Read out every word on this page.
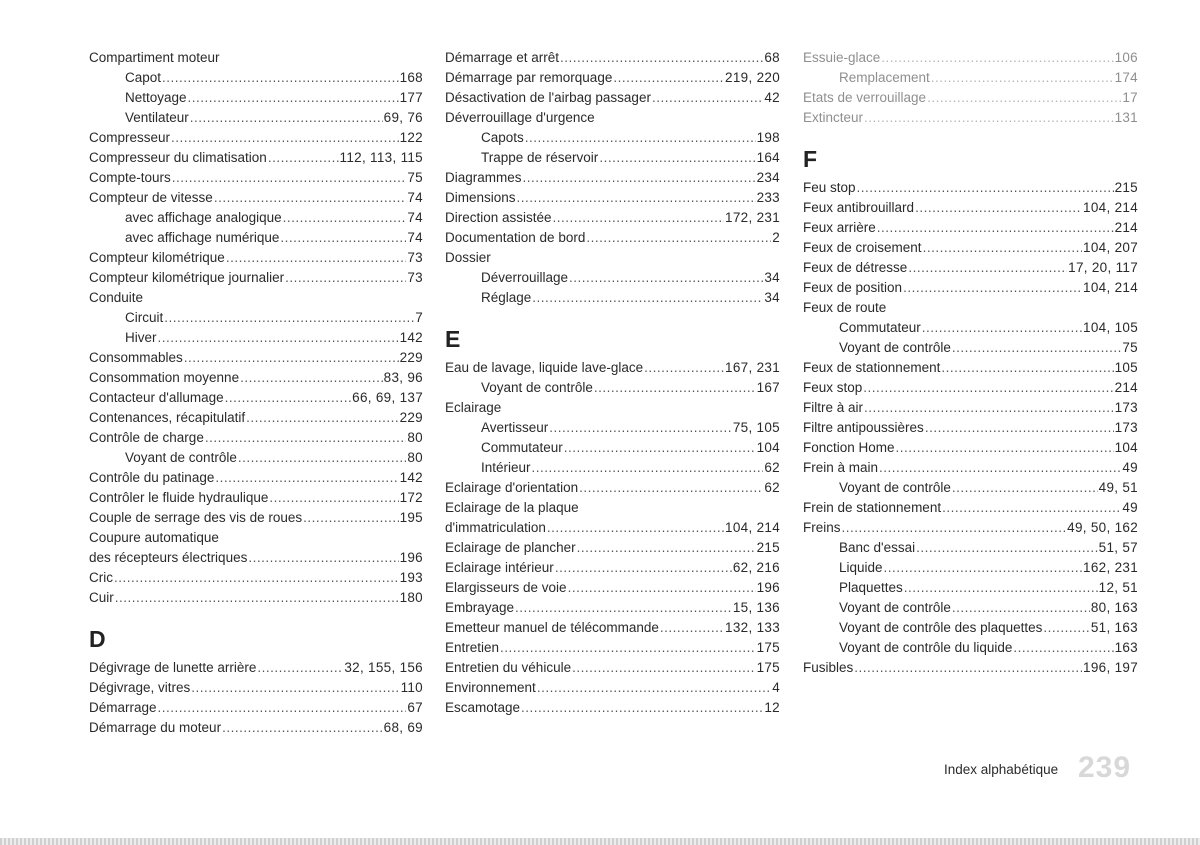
Compartiment moteur
Capot .....	168
Nettoyage .....	177
Ventilateur .....	69, 76
Compresseur .....	122
Compresseur du climatisation .....	112, 113, 115
Compte-tours .....	75
Compteur de vitesse .....	74
avec affichage analogique .....	74
avec affichage numérique .....	74
Compteur kilométrique .....	73
Compteur kilométrique journalier .....	73
Conduite
Circuit .....	7
Hiver .....	142
Consommables .....	229
Consommation moyenne .....	83, 96
Contacteur d'allumage .....	66, 69, 137
Contenances, récapitulatif .....	229
Contrôle de charge .....	80
Voyant de contrôle .....	80
Contrôle du patinage .....	142
Contrôler le fluide hydraulique .....	172
Couple de serrage des vis de roues .....	195
Coupure automatique
des récepteurs électriques .....	196
Cric .....	193
Cuir .....	180
D
Dégivrage de lunette arrière .....	32, 155, 156
Dégivrage, vitres .....	110
Démarrage .....	67
Démarrage du moteur .....	68, 69
Démarrage et arrêt .....	68
Démarrage par remorquage .....	219, 220
Désactivation de l'airbag passager .....	42
Déverrouillage d'urgence
Capots .....	198
Trappe de réservoir .....	164
Diagrammes .....	234
Dimensions .....	233
Direction assistée .....	172, 231
Documentation de bord .....	2
Dossier
Déverrouillage .....	34
Réglage .....	34
E
Eau de lavage, liquide lave-glace .....	167, 231
Voyant de contrôle .....	167
Eclairage
Avertisseur .....	75, 105
Commutateur .....	104
Intérieur .....	62
Eclairage d'orientation .....	62
Eclairage de la plaque
d'immatriculation .....	104, 214
Eclairage de plancher .....	215
Eclairage intérieur .....	62, 216
Elargisseurs de voie .....	196
Embrayage .....	15, 136
Emetteur manuel de télécommande .....	132, 133
Entretien .....	175
Entretien du véhicule .....	175
Environnement .....	4
Escamotage .....	12
Essuie-glace .....	106
Remplacement .....	174
Etats de verrouillage .....	17
Extincteur .....	131
F
Feu stop .....	215
Feux antibrouillard .....	104, 214
Feux arrière .....	214
Feux de croisement .....	104, 207
Feux de détresse .....	17, 20, 117
Feux de position .....	104, 214
Feux de route
Commutateur .....	104, 105
Voyant de contrôle .....	75
Feux de stationnement .....	105
Feux stop .....	214
Filtre à air .....	173
Filtre antipoussières .....	173
Fonction Home .....	104
Frein à main .....	49
Voyant de contrôle .....	49, 51
Frein de stationnement .....	49
Freins .....	49, 50, 162
Banc d'essai .....	51, 57
Liquide .....	162, 231
Plaquettes .....	12, 51
Voyant de contrôle .....	80, 163
Voyant de contrôle des plaquettes .....	51, 163
Voyant de contrôle du liquide .....	163
Fusibles .....	196, 197
Index alphabétique 239
